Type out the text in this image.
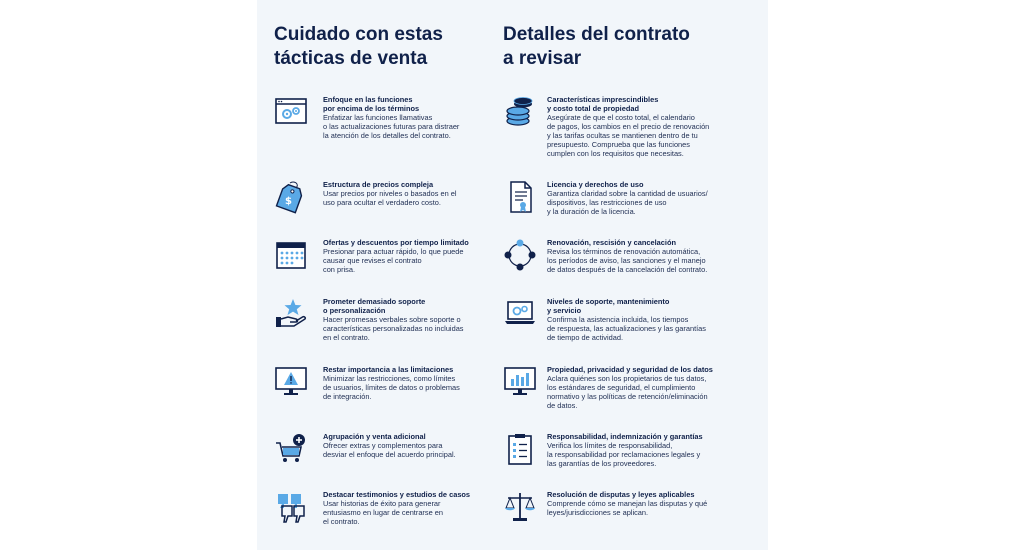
Cuidado con estas
tácticas de venta
Enfoque en las funciones
por encima de los términos
Enfatizar las funciones llamativas
o las actualizaciones futuras para distraer
la atención de los detalles del contrato.
$
Estructura de precios compleja
Usar precios por niveles o basados en el
uso para ocultar el verdadero costo.
Ofertas y descuentos por tiempo limitado
Presionar para actuar rápido, lo que puede
causar que revises el contrato
con prisa.
Prometer demasiado soporte
o personalización
Hacer promesas verbales sobre soporte o
características personalizadas no incluidas
en el contrato.
Restar importancia a las limitaciones
Minimizar las restricciones, como límites
de usuarios, límites de datos o problemas
de integración.
Agrupación y venta adicional
Ofrecer extras y complementos para
desviar el enfoque del acuerdo principal.
Destacar testimonios y estudios de casos
Usar historias de éxito para generar
entusiasmo en lugar de centrarse en
el contrato.
Detalles del contrato
a revisar
Características imprescindibles
y costo total de propiedad
Asegúrate de que el costo total, el calendario
de pagos, los cambios en el precio de renovación
y las tarifas ocultas se mantienen dentro de tu
presupuesto. Comprueba que las funciones
cumplen con los requisitos que necesitas.
Licencia y derechos de uso
Garantiza claridad sobre la cantidad de usuarios/
dispositivos, las restricciones de uso
y la duración de la licencia.
Renovación, rescisión y cancelación
Revisa los términos de renovación automática,
los períodos de aviso, las sanciones y el manejo
de datos después de la cancelación del contrato.
Niveles de soporte, mantenimiento
y servicio
Confirma la asistencia incluida, los tiempos
de respuesta, las actualizaciones y las garantías
de tiempo de actividad.
Propiedad, privacidad y seguridad de los datos
Aclara quiénes son los propietarios de tus datos,
los estándares de seguridad, el cumplimiento
normativo y las políticas de retención/eliminación
de datos.
Responsabilidad, indemnización y garantías
Verifica los límites de responsabilidad,
la responsabilidad por reclamaciones legales y
las garantías de los proveedores.
Resolución de disputas y leyes aplicables
Comprende cómo se manejan las disputas y qué
leyes/jurisdicciones se aplican.
